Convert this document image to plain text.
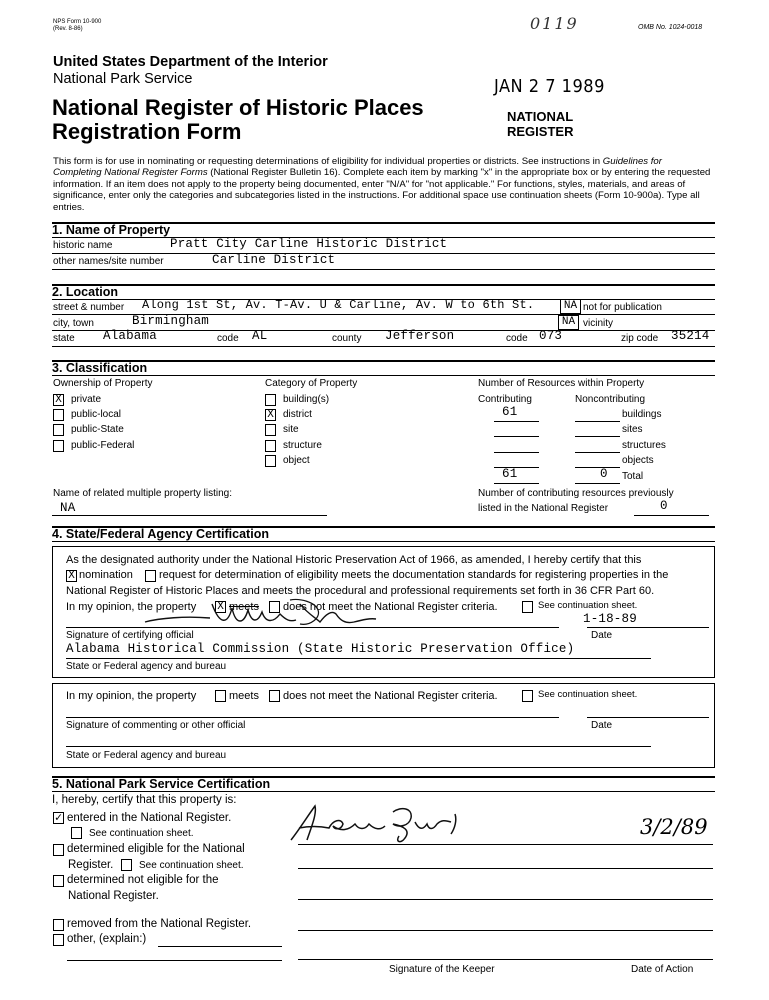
NPS Form 10-900
(Rev. 8-86)	0119	OMB No. 1024-0018
United States Department of the Interior
National Park Service
National Register of Historic Places
Registration Form
JAN 2 7 1989
NATIONAL
REGISTER
This form is for use in nominating or requesting determinations of eligibility for individual properties or districts. See instructions in Guidelines for Completing National Register Forms (National Register Bulletin 16). Complete each item by marking "x" in the appropriate box or by entering the requested information. If an item does not apply to the property being documented, enter "N/A" for "not applicable." For functions, styles, materials, and areas of significance, enter only the categories and subcategories listed in the instructions. For additional space use continuation sheets (Form 10-900a). Type all entries.
1. Name of Property
historic name	Pratt City Carline Historic District
other names/site number	Carline District
2. Location
street & number Along 1st St, Av. T-Av. U & Carline, Av. W to 6th St.	NA not for publication
city, town	Birmingham	NA vicinity
state Alabama	code AL	county Jefferson	code 073	zip code 35214
3. Classification
Ownership of Property
X private
public-local
public-State
public-Federal
Category of Property
building(s)
X district
site
structure
object
Number of Resources within Property
Contributing	Noncontributing
61	buildings
sites
structures
objects
61	0 Total
Name of related multiple property listing:
NA
Number of contributing resources previously
listed in the National Register	0
4. State/Federal Agency Certification
As the designated authority under the National Historic Preservation Act of 1966, as amended, I hereby certify that this
X nomination request for determination of eligibility meets the documentation standards for registering properties in the
National Register of Historic Places and meets the procedural and professional requirements set forth in 36 CFR Part 60.
In my opinion, the property X meets does not meet the National Register criteria.	See continuation sheet.
1-18-89
Signature of certifying official	Date
Alabama Historical Commission (State Historic Preservation Office)
State or Federal agency and bureau
In my opinion, the property	meets does not meet the National Register criteria.	See continuation sheet.
Signature of commenting or other official	Date
State or Federal agency and bureau
5. National Park Service Certification
I, hereby, certify that this property is:
✓ entered in the National Register.
See continuation sheet.
determined eligible for the National
Register.	See continuation sheet.
determined not eligible for the
National Register.
removed from the National Register.
other, (explain:)
3/2/89
Signature of the Keeper	Date of Action
